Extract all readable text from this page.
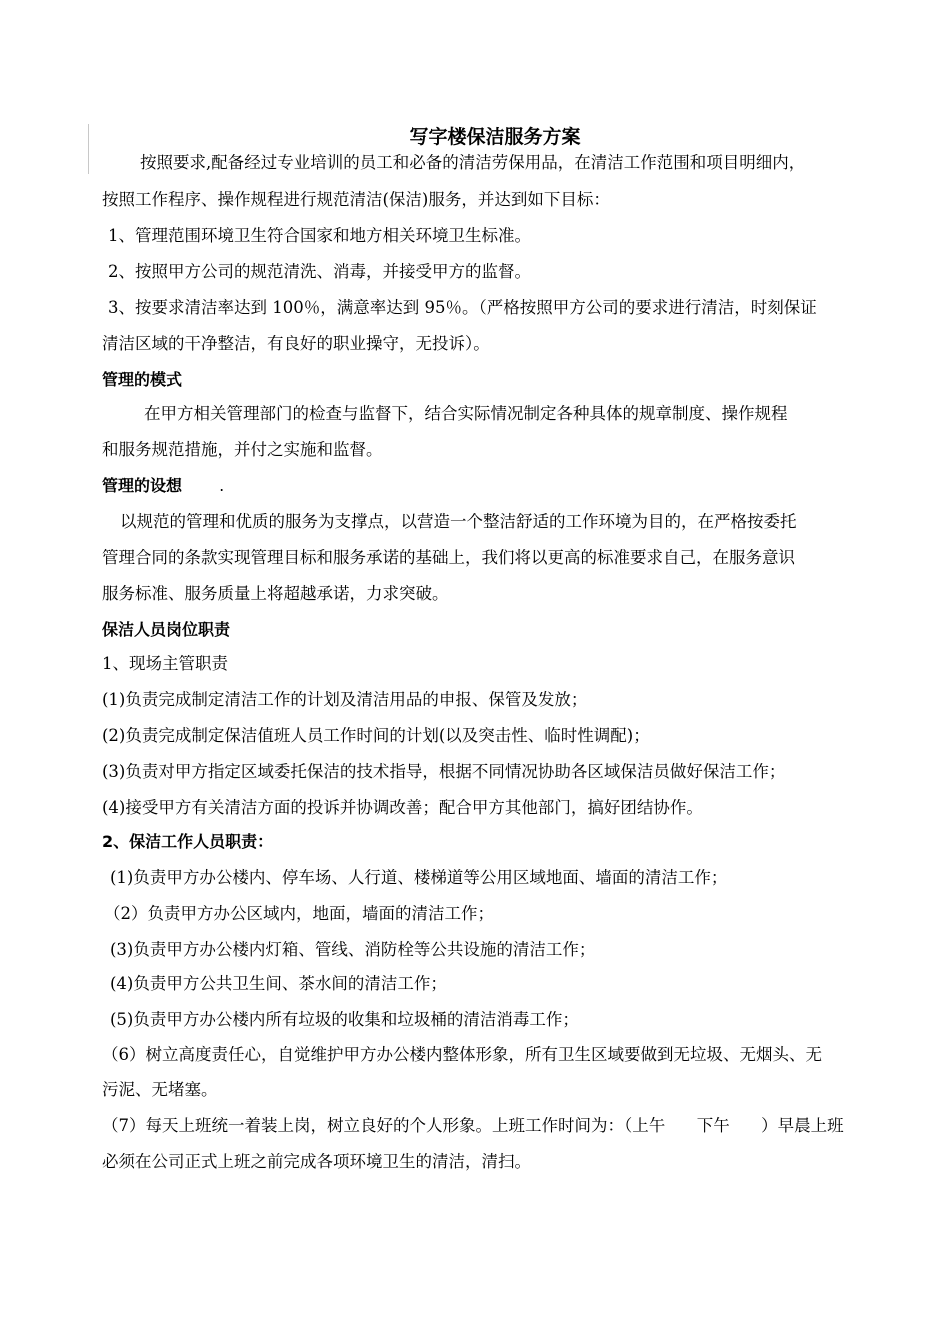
写字楼保洁服务方案
按照要求,配备经过专业培训的员工和必备的清洁劳保用品，在清洁工作范围和项目明细内，
按照工作程序、操作规程进行规范清洁(保洁)服务，并达到如下目标：
1、管理范围环境卫生符合国家和地方相关环境卫生标准。
2、按照甲方公司的规范清洗、消毒，并接受甲方的监督。
3、按要求清洁率达到 100％，满意率达到 95％。（严格按照甲方公司的要求进行清洁，时刻保证
清洁区域的干净整洁，有良好的职业操守，无投诉）。
管理的模式
在甲方相关管理部门的检查与监督下，结合实际情况制定各种具体的规章制度、操作规程
和服务规范措施，并付之实施和监督。
管理的设想 .
以规范的管理和优质的服务为支撑点，以营造一个整洁舒适的工作环境为目的，在严格按委托
管理合同的条款实现管理目标和服务承诺的基础上，我们将以更高的标准要求自己，在服务意识
服务标准、服务质量上将超越承诺，力求突破。
保洁人员岗位职责
1、现场主管职责
(1)负责完成制定清洁工作的计划及清洁用品的申报、保管及发放；
(2)负责完成制定保洁值班人员工作时间的计划(以及突击性、临时性调配)；
(3)负责对甲方指定区域委托保洁的技术指导，根据不同情况协助各区域保洁员做好保洁工作；
(4)接受甲方有关清洁方面的投诉并协调改善；配合甲方其他部门，搞好团结协作。
2、保洁工作人员职责：
(1)负责甲方办公楼内、停车场、人行道、楼梯道等公用区域地面、墙面的清洁工作；
（2）负责甲方办公区域内，地面，墙面的清洁工作；
(3)负责甲方办公楼内灯箱、管线、消防栓等公共设施的清洁工作；
(4)负责甲方公共卫生间、茶水间的清洁工作；
(5)负责甲方办公楼内所有垃圾的收集和垃圾桶的清洁消毒工作；
（6）树立高度责任心，自觉维护甲方办公楼内整体形象，所有卫生区域要做到无垃圾、无烟头、无
污泥、无堵塞。
（7）每天上班统一着装上岗，树立良好的个人形象。上班工作时间为：（上午      下午      ）早晨上班
必须在公司正式上班之前完成各项环境卫生的清洁，清扫。
